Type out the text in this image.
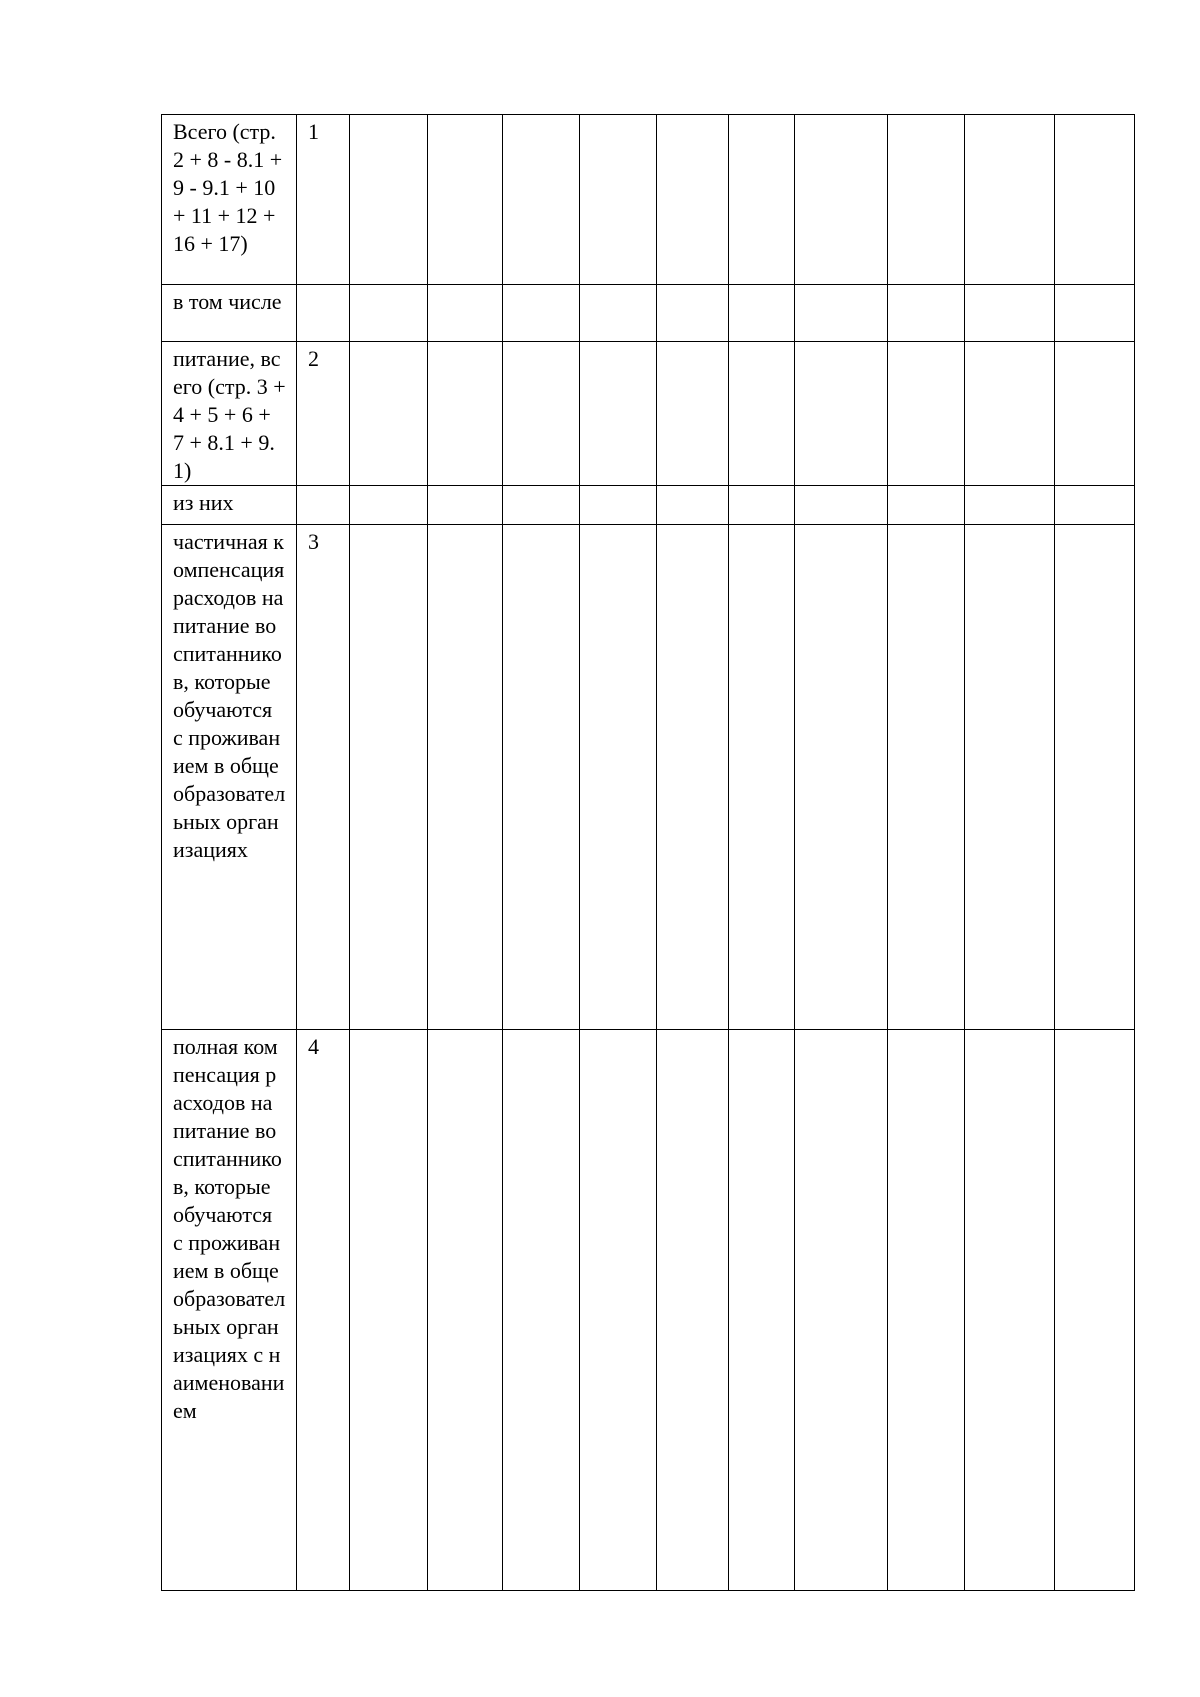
Всего (стр. 2 + 8 - 8.1 + 9 - 9.1 + 10 + 11 + 12 + 16 + 17)	1										
в том числе											
питание, всего (стр. 3 + 4 + 5 + 6 + 7 + 8.1 + 9.1)	2										
из них											
частичная компенсация расходов на питание воспитанников, которые обучаются с проживанием в общеобразовательных организациях	3										
полная компенсация расходов на питание воспитанников, которые обучаются с проживанием в общеобразовательных организациях с наименованием	4										
